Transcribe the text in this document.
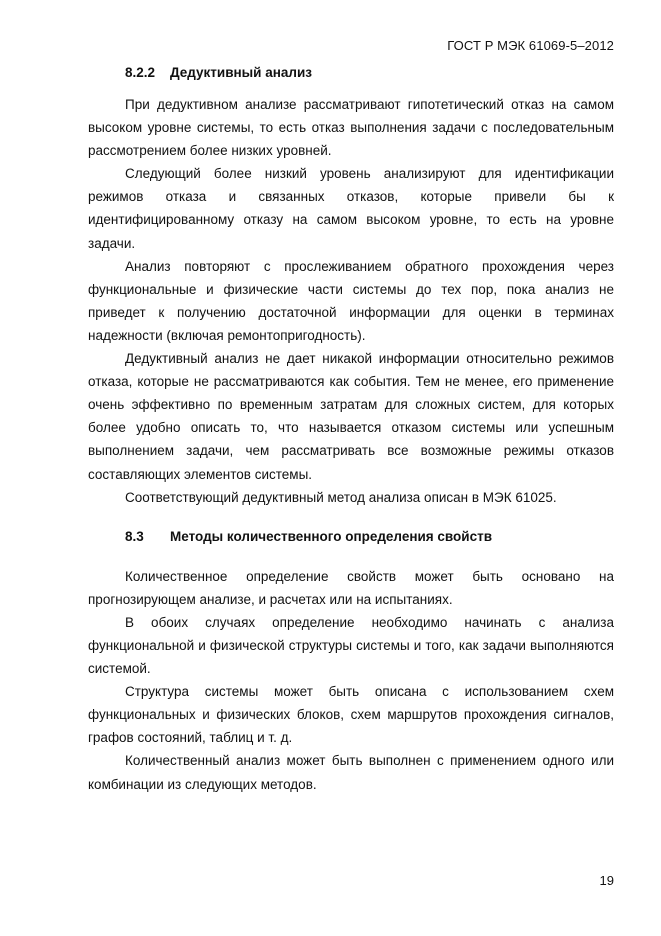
ГОСТ Р МЭК 61069-5–2012
8.2.2 Дедуктивный анализ

При дедуктивном анализе рассматривают гипотетический отказ на самом высоком уровне системы, то есть отказ выполнения задачи с последовательным рассмотрением более низких уровней.

Следующий более низкий уровень анализируют для идентификации режимов отказа и связанных отказов, которые привели бы к идентифицированному отказу на самом высоком уровне, то есть на уровне задачи.

Анализ повторяют с прослеживанием обратного прохождения через функциональные и физические части системы до тех пор, пока анализ не приведет к получению достаточной информации для оценки в терминах надежности (включая ремонтопригодность).

Дедуктивный анализ не дает никакой информации относительно режимов отказа, которые не рассматриваются как события. Тем не менее, его применение очень эффективно по временным затратам для сложных систем, для которых более удобно описать то, что называется отказом системы или успешным выполнением задачи, чем рассматривать все возможные режимы отказов составляющих элементов системы.

Соответствующий дедуктивный метод анализа описан в МЭК 61025.

8.3 Методы количественного определения свойств

Количественное определение свойств может быть основано на прогнозирующем анализе, и расчетах или на испытаниях.

В обоих случаях определение необходимо начинать с анализа функциональной и физической структуры системы и того, как задачи выполняются системой.

Структура системы может быть описана с использованием схем функциональных и физических блоков, схем маршрутов прохождения сигналов, графов состояний, таблиц и т. д.

Количественный анализ может быть выполнен с применением одного или комбинации из следующих методов.

19
